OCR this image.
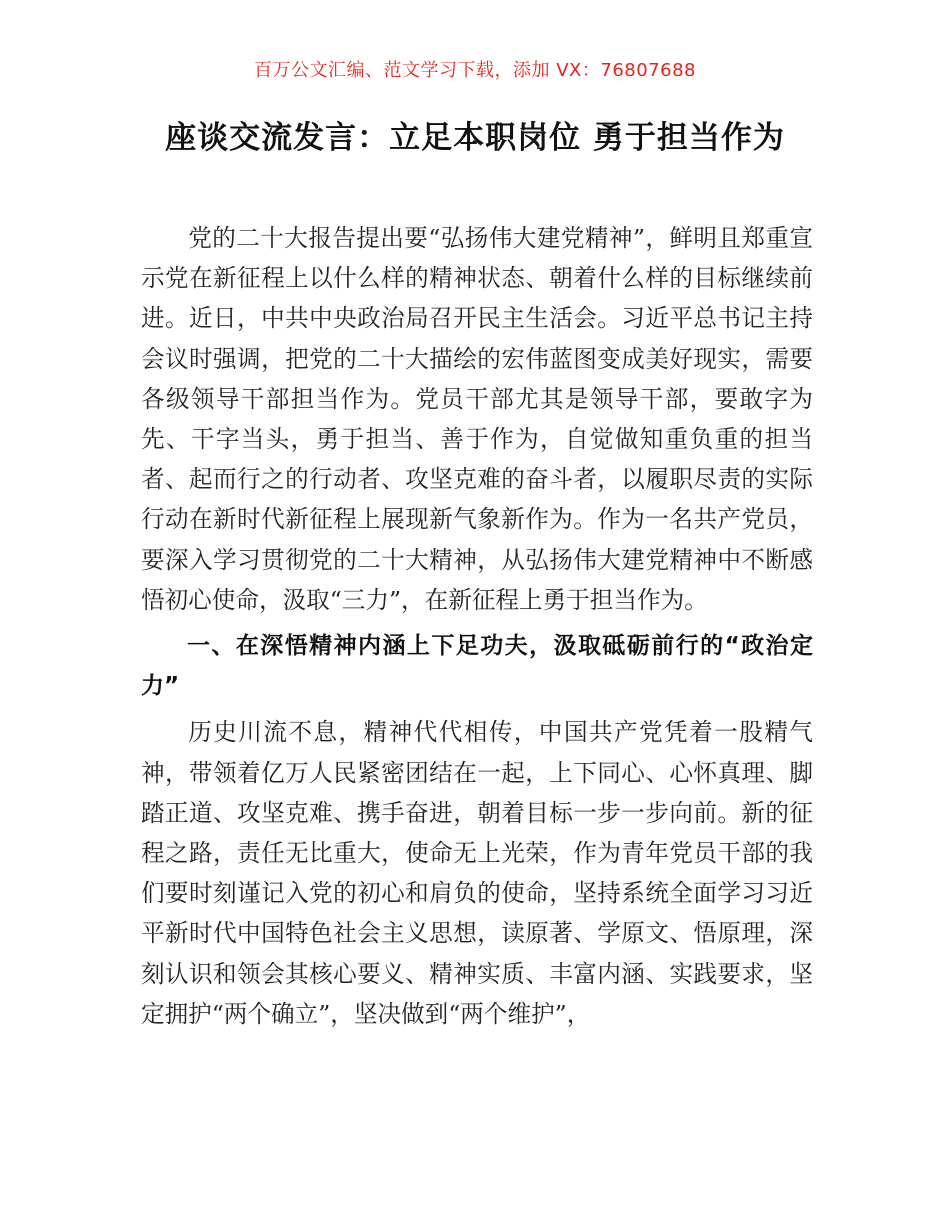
百万公文汇编、范文学习下载，添加 VX：76807688
座谈交流发言：立足本职岗位 勇于担当作为

党的二十大报告提出要“弘扬伟大建党精神”，鲜明且郑重宣示党在新征程上以什么样的精神状态、朝着什么样的目标继续前进。近日，中共中央政治局召开民主生活会。习近平总书记主持会议时强调，把党的二十大描绘的宏伟蓝图变成美好现实，需要各级领导干部担当作为。党员干部尤其是领导干部，要敢字为先、干字当头，勇于担当、善于作为，自觉做知重负重的担当者、起而行之的行动者、攻坚克难的奋斗者，以履职尽责的实际行动在新时代新征程上展现新气象新作为。作为一名共产党员，要深入学习贯彻党的二十大精神，从弘扬伟大建党精神中不断感悟初心使命，汲取“三力”，在新征程上勇于担当作为。

一、在深悟精神内涵上下足功夫，汲取砥砺前行的“政治定力”

历史川流不息，精神代代相传，中国共产党凭着一股精气神，带领着亿万人民紧密团结在一起，上下同心、心怀真理、脚踏正道、攻坚克难、携手奋进，朝着目标一步一步向前。新的征程之路，责任无比重大，使命无上光荣，作为青年党员干部的我们要时刻谨记入党的初心和肩负的使命，坚持系统全面学习习近平新时代中国特色社会主义思想，读原著、学原文、悟原理，深刻认识和领会其核心要义、精神实质、丰富内涵、实践要求，坚定拥护“两个确立”，坚决做到“两个维护”，
